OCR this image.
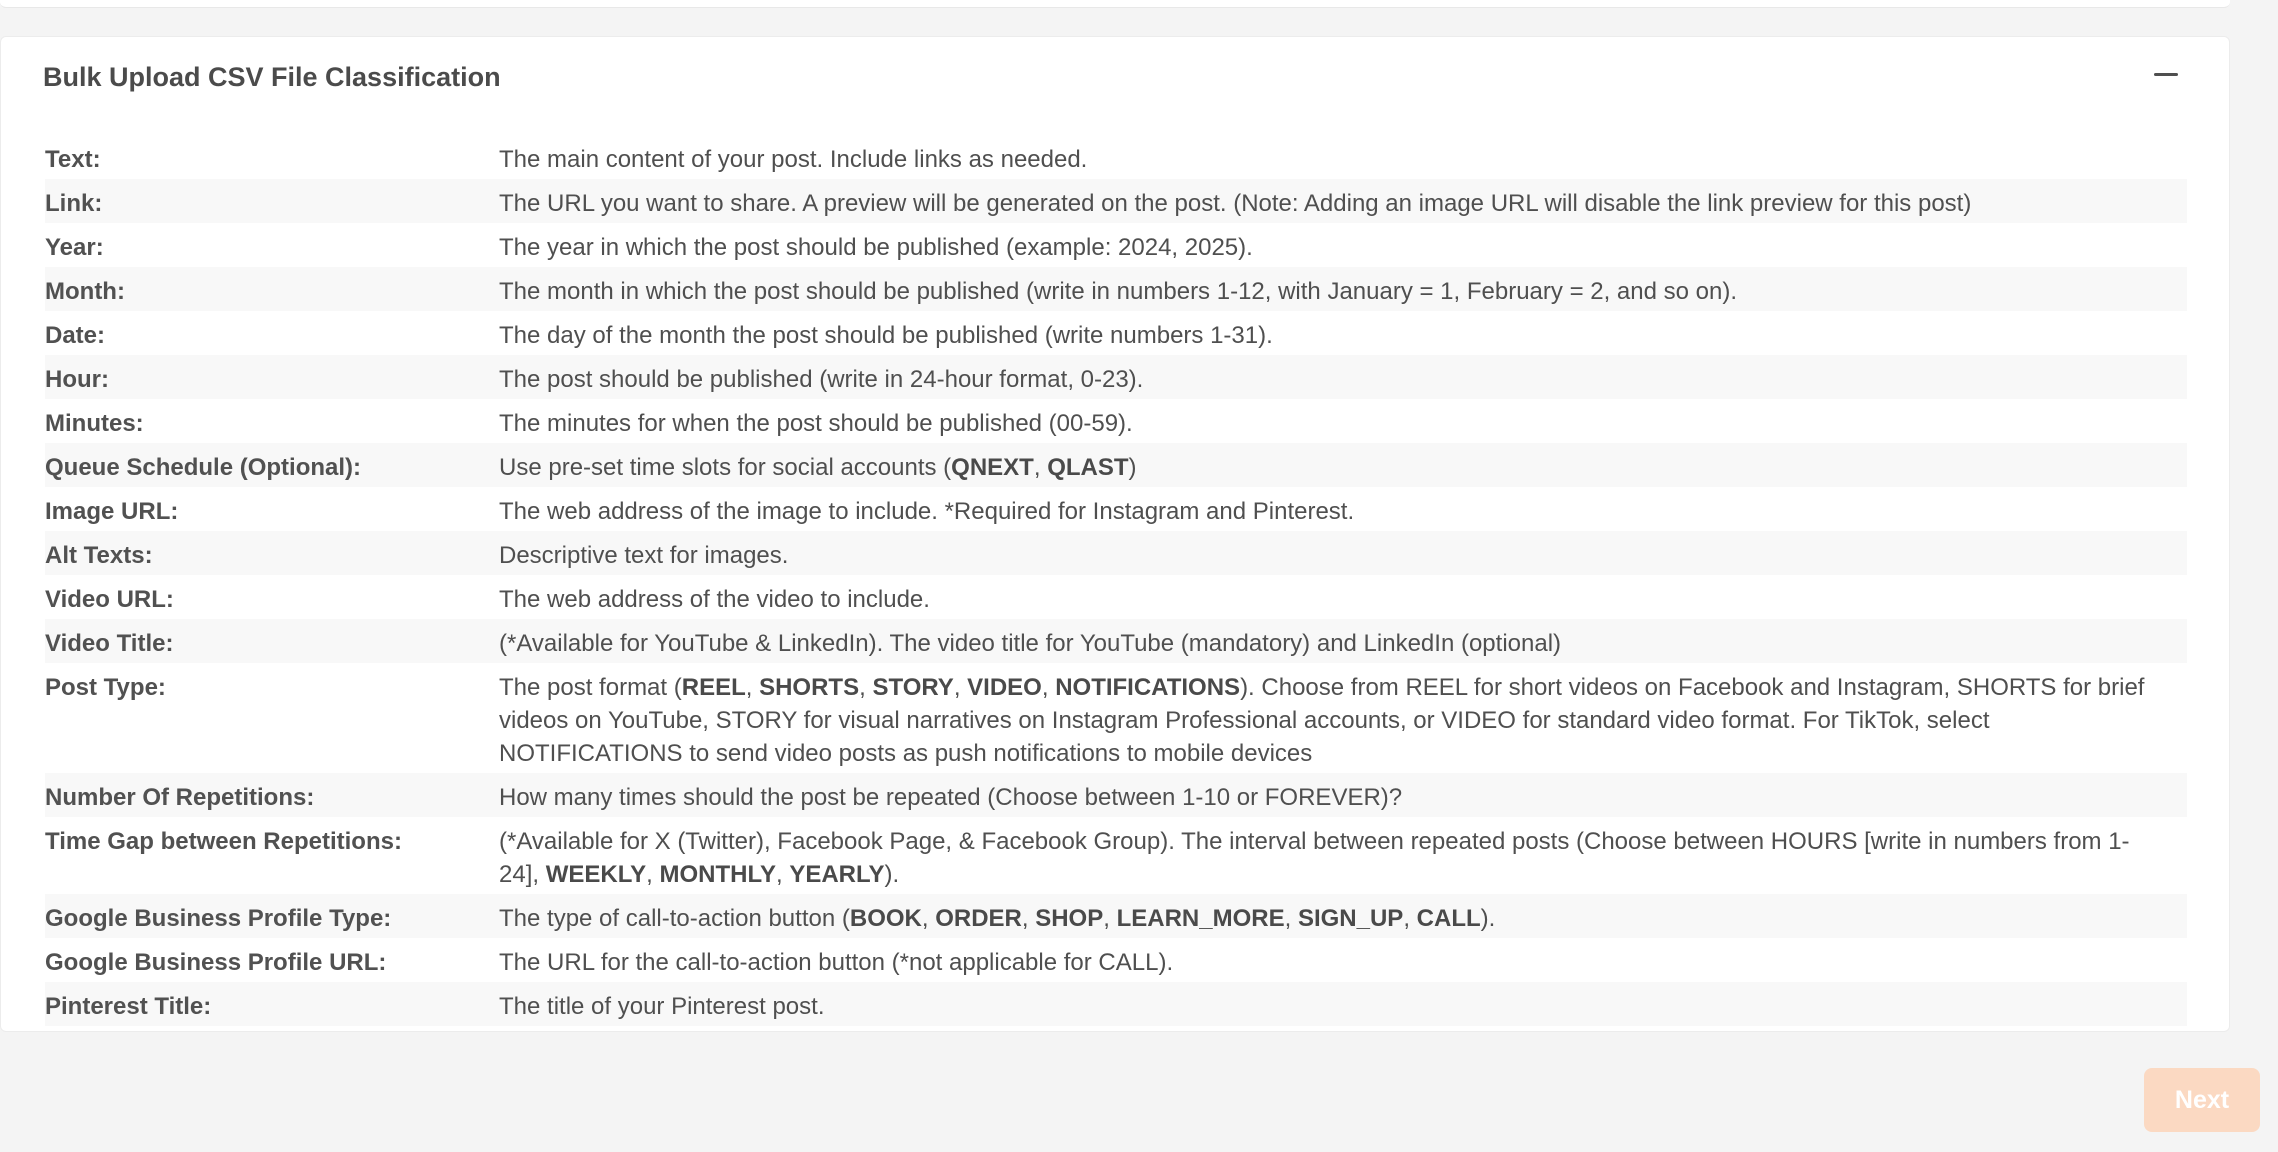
Bulk Upload CSV File Classification
Text:	The main content of your post. Include links as needed.
Link:	The URL you want to share. A preview will be generated on the post. (Note: Adding an image URL will disable the link preview for this post)
Year:	The year in which the post should be published (example: 2024, 2025).
Month:	The month in which the post should be published (write in numbers 1-12, with January = 1, February = 2, and so on).
Date:	The day of the month the post should be published (write numbers 1-31).
Hour:	The post should be published (write in 24-hour format, 0-23).
Minutes:	The minutes for when the post should be published (00-59).
Queue Schedule (Optional):	Use pre-set time slots for social accounts (QNEXT, QLAST)
Image URL:	The web address of the image to include. *Required for Instagram and Pinterest.
Alt Texts:	Descriptive text for images.
Video URL:	The web address of the video to include.
Video Title:	(*Available for YouTube & LinkedIn). The video title for YouTube (mandatory) and LinkedIn (optional)
Post Type:	The post format (REEL, SHORTS, STORY, VIDEO, NOTIFICATIONS). Choose from REEL for short videos on Facebook and Instagram, SHORTS for brief videos on YouTube, STORY for visual narratives on Instagram Professional accounts, or VIDEO for standard video format. For TikTok, select NOTIFICATIONS to send video posts as push notifications to mobile devices
Number Of Repetitions:	How many times should the post be repeated (Choose between 1-10 or FOREVER)?
Time Gap between Repetitions:	(*Available for X (Twitter), Facebook Page, & Facebook Group). The interval between repeated posts (Choose between HOURS [write in numbers from 1-24], WEEKLY, MONTHLY, YEARLY).
Google Business Profile Type:	The type of call-to-action button (BOOK, ORDER, SHOP, LEARN_MORE, SIGN_UP, CALL).
Google Business Profile URL:	The URL for the call-to-action button (*not applicable for CALL).
Pinterest Title:	The title of your Pinterest post.
Next
